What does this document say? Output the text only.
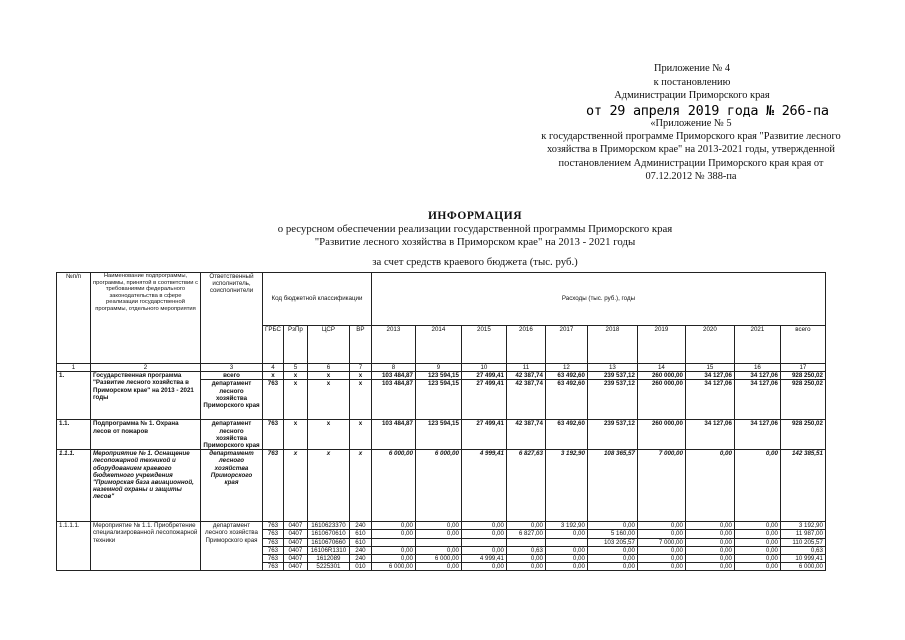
Приложение № 4
к постановлению
Администрации Приморского края
от 29 апреля 2019 года № 266-па
«Приложение № 5
к государственной программе Приморского края "Развитие лесного
хозяйства в Приморском крае" на 2013-2021 годы, утвержденной
постановлением Администрации Приморского края края от
07.12.2012 № 388-па
ИНФОРМАЦИЯ
о ресурсном обеспечении реализации государственной программы Приморского края
"Развитие лесного хозяйства в Приморском крае" на 2013 - 2021 годы
за счет средств краевого бюджета (тыс. руб.)
№п/п	Наименование подпрограммы, программы, принятой в соответствии с требованиями федерального законодательства в сфере реализации государственной программы, отдельного мероприятия	Ответственный исполнитель, соисполнители	Код бюджетной классификации				Расходы (тыс. руб.), годы									
			ГРБС	РзПр	ЦСР	ВР	2013	2014	2015	2016	2017	2018	2019	2020	2021	всего
1	2	3	4	5	6	7	8	9	10	11	12	13	14	15	16	17
1.	Государственная программа "Развитие лесного хозяйства в Приморском крае" на 2013 - 2021 годы	всего	х	х	х	х	103 484,87	123 594,15	27 499,41	42 387,74	63 492,60	239 537,12	260 000,00	34 127,06	34 127,06	928 250,02
		департамент лесного хозяйства Приморского края	763	х	х	х	103 484,87	123 594,15	27 499,41	42 387,74	63 492,60	239 537,12	260 000,00	34 127,06	34 127,06	928 250,02
1.1.	Подпрограмма № 1. Охрана лесов от пожаров	департамент лесного хозяйства Приморского края	763	х	х	х	103 484,87	123 594,15	27 499,41	42 387,74	63 492,60	239 537,12	260 000,00	34 127,06	34 127,06	928 250,02
1.1.1.	Мероприятие № 1. Оснащение лесопожарной техникой и оборудованием краевого бюджетного учреждения "Приморская база авиационной, наземной охраны и защиты лесов"	департамент лесного хозяйства Приморского края	763	х	х	х	6 000,00	6 000,00	4 999,41	6 827,63	3 192,90	108 365,57	7 000,00	0,00	0,00	142 385,51
1.1.1.1.	Мероприятие № 1.1. Приобретение специализированной лесопожарной техники	департамент лесного хозяйства Приморского края	763	0407	1610623370	240	0,00	0,00	0,00	0,00	3 192,90	0,00	0,00	0,00	0,00	3 192,90
			763	0407	1610670610	610	0,00	0,00	0,00	6 827,00	0,00	5 160,00	0,00	0,00	0,00	11 987,00
			763	0407	1610670660	610						103 205,57	7 000,00	0,00	0,00	110 205,57
			763	0407	16106R1310	240	0,00	0,00	0,00	0,63	0,00	0,00	0,00	0,00	0,00	0,63
			763	0407	1612089	240	0,00	6 000,00	4 999,41	0,00	0,00	0,00	0,00	0,00	0,00	10 999,41
			763	0407	5225301	010	6 000,00	0,00	0,00	0,00	0,00	0,00	0,00	0,00	0,00	6 000,00
